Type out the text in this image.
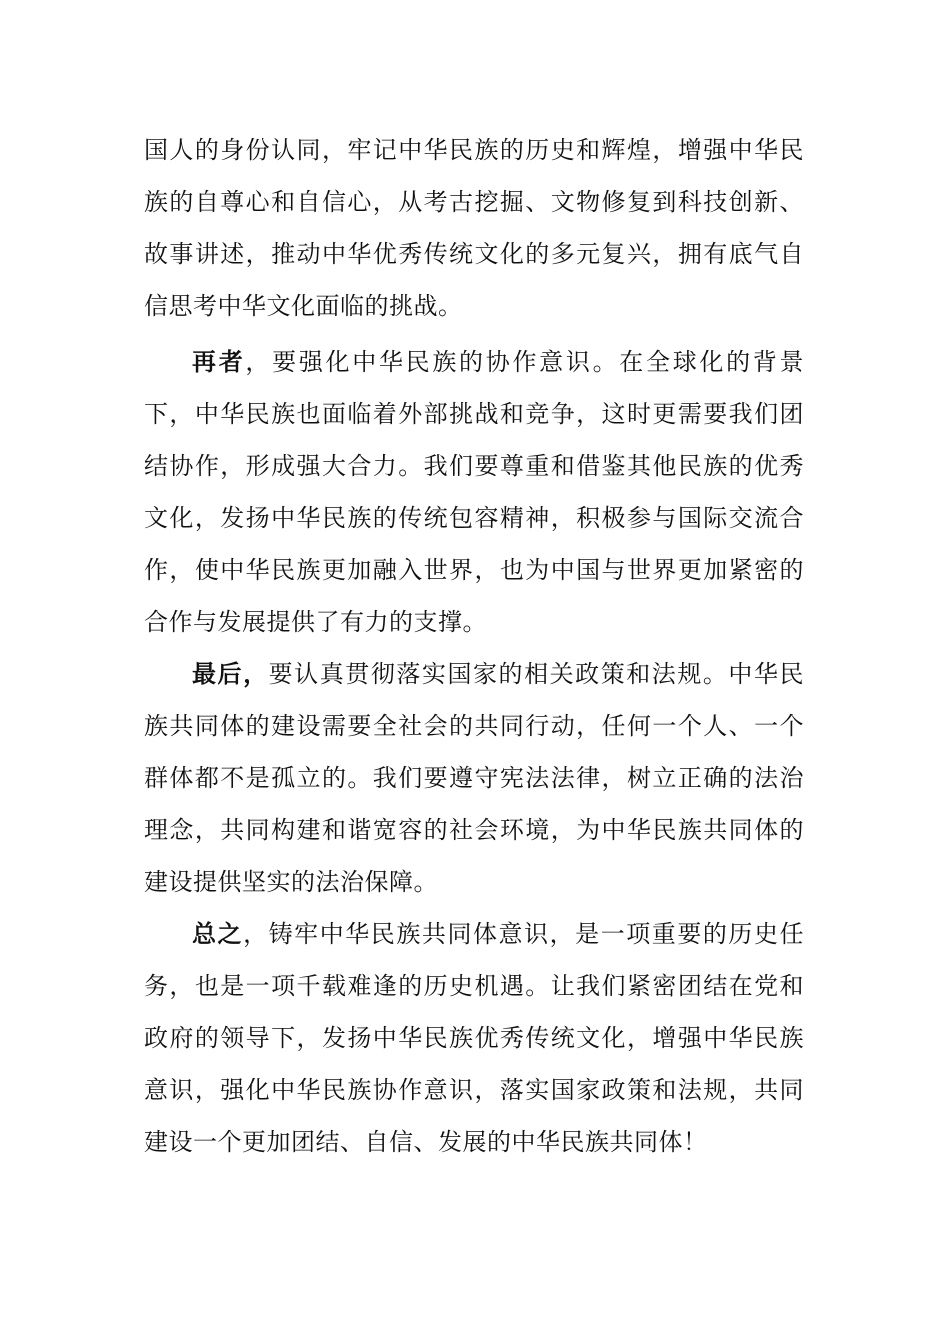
国人的身份认同，牢记中华民族的历史和辉煌，增强中华民族的自尊心和自信心，从考古挖掘、文物修复到科技创新、故事讲述，推动中华优秀传统文化的多元复兴，拥有底气自信思考中华文化面临的挑战。

再者，要强化中华民族的协作意识。在全球化的背景下，中华民族也面临着外部挑战和竞争，这时更需要我们团结协作，形成强大合力。我们要尊重和借鉴其他民族的优秀文化，发扬中华民族的传统包容精神，积极参与国际交流合作，使中华民族更加融入世界，也为中国与世界更加紧密的合作与发展提供了有力的支撑。

最后，要认真贯彻落实国家的相关政策和法规。中华民族共同体的建设需要全社会的共同行动，任何一个人、一个群体都不是孤立的。我们要遵守宪法法律，树立正确的法治理念，共同构建和谐宽容的社会环境，为中华民族共同体的建设提供坚实的法治保障。

总之，铸牢中华民族共同体意识，是一项重要的历史任务，也是一项千载难逢的历史机遇。让我们紧密团结在党和政府的领导下，发扬中华民族优秀传统文化，增强中华民族意识，强化中华民族协作意识，落实国家政策和法规，共同建设一个更加团结、自信、发展的中华民族共同体！
